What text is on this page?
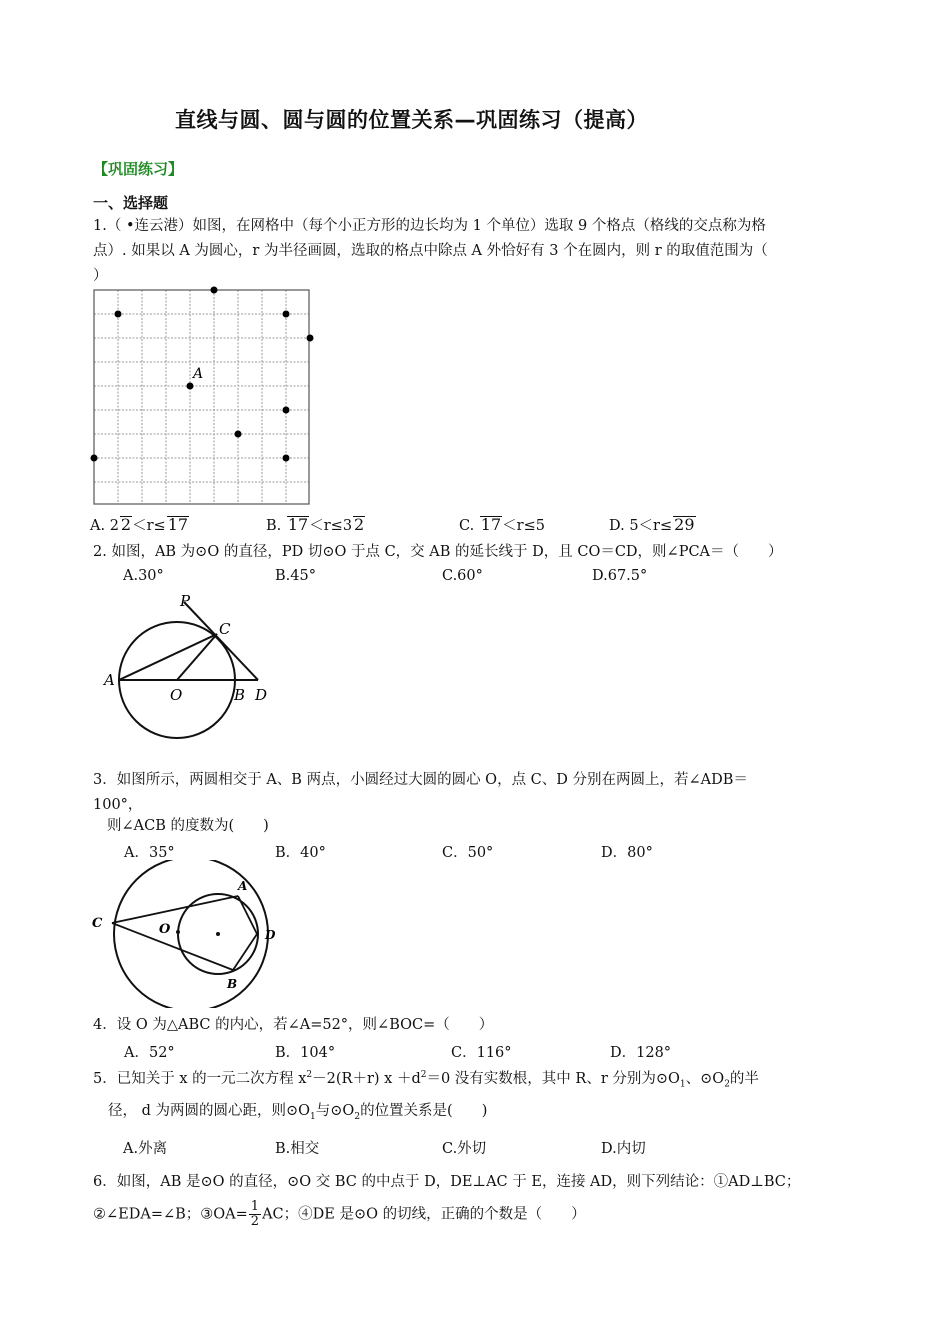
直线与圆、圆与圆的位置关系—巩固练习（提高）
【巩固练习】
一、选择题
1.（ •连云港）如图，在网格中（每个小正方形的边长均为 1 个单位）选取 9 个格点（格线的交点称为格
点）. 如果以 A 为圆心，r 为半径画圆，选取的格点中除点 A 外恰好有 3 个在圆内，则 r 的取值范围为（
）
A
A. 2 2＜r≤ 17	B. 17＜r≤3 2	C. 17＜r≤5	D. 5＜r≤ 29
2. 如图，AB 为⊙O 的直径，PD 切⊙O 于点 C，交 AB 的延长线于 D，且 CO＝CD，则∠PCA＝（　　）
A.30°	B.45°	C.60°	D.67.5°
P
C
A
O	B D
3．如图所示，两圆相交于 A、B 两点，小圆经过大圆的圆心 O，点 C、D 分别在两圆上，若∠ADB＝
100°，
则∠ACB 的度数为(　　)
A．35°	B．40°	C．50°	D．80°
A
B
C
D
O
4．设 O 为△ABC 的内心，若∠A=52°，则∠BOC=（　　）
A．52°	B．104°	C．116°	D．128°
5．已知关于 x 的一元二次方程 $x^2-2(R+r)$ $x +d^2=0$ 没有实数根，其中 R、r 分别为$⊙O_1$、$⊙O_2$的半
径， d 为两圆的圆心距，则$⊙O_1$与$⊙O_2$的位置关系是(　　)
A.外离	B.相交	C.外切	D.内切
6．如图，AB 是⊙O 的直径，⊙O 交 BC 的中点于 D，DE⊥AC 于 E，连接 AD，则下列结论：①AD⊥BC；
②∠EDA=∠B；③OA= $\frac{1}{2}$ AC；④DE 是⊙O 的切线，正确的个数是（　　）
